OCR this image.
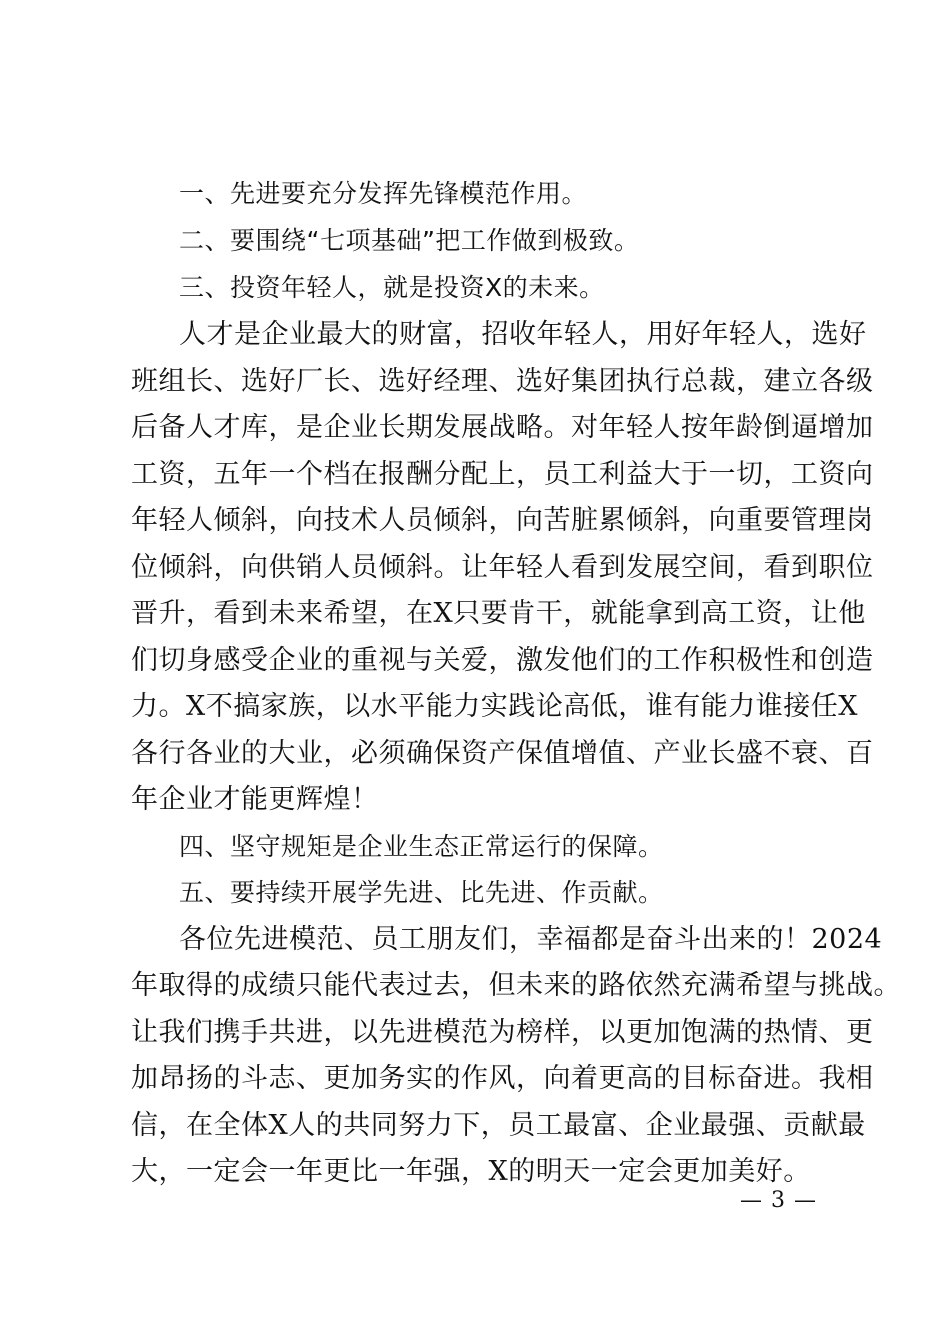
一、先进要充分发挥先锋模范作用。
二、要围绕“七项基础”把工作做到极致。
三、投资年轻人，就是投资X的未来。
人才是企业最大的财富，招收年轻人，用好年轻人，选好
班组长、选好厂长、选好经理、选好集团执行总裁，建立各级
后备人才库，是企业长期发展战略。对年轻人按年龄倒逼增加
工资，五年一个档在报酬分配上，员工利益大于一切，工资向
年轻人倾斜，向技术人员倾斜，向苦脏累倾斜，向重要管理岗
位倾斜，向供销人员倾斜。让年轻人看到发展空间，看到职位
晋升，看到未来希望，在X只要肯干，就能拿到高工资，让他
们切身感受企业的重视与关爱，激发他们的工作积极性和创造
力。X不搞家族，以水平能力实践论高低，谁有能力谁接任X
各行各业的大业，必须确保资产保值增值、产业长盛不衰、百
年企业才能更辉煌！
四、坚守规矩是企业生态正常运行的保障。
五、要持续开展学先进、比先进、作贡献。
各位先进模范、员工朋友们，幸福都是奋斗出来的！2024
年取得的成绩只能代表过去，但未来的路依然充满希望与挑战。
让我们携手共进，以先进模范为榜样，以更加饱满的热情、更
加昂扬的斗志、更加务实的作风，向着更高的目标奋进。我相
信，在全体X人的共同努力下，员工最富、企业最强、贡献最
大，一定会一年更比一年强，X的明天一定会更加美好。
— 3 —
